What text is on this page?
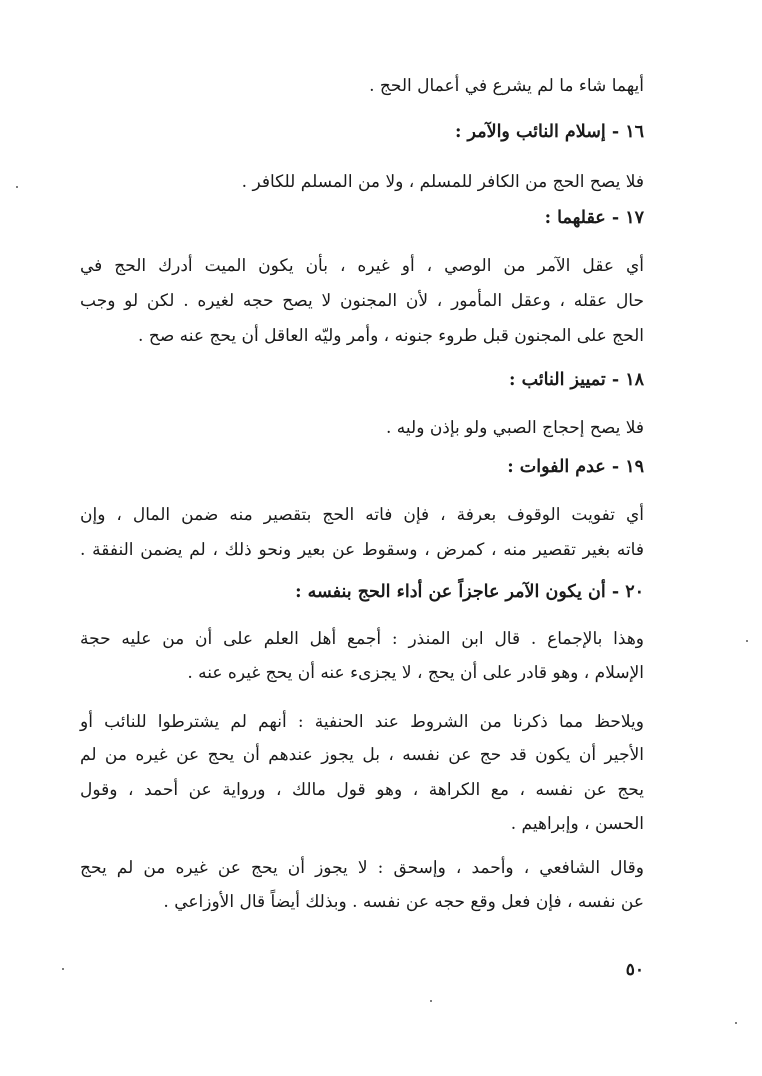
أيهما شاء ما لم يشرع في أعمال الحج .
١٦ - إسلام النائب والآمر :
فلا يصح الحج من الكافر للمسلم ، ولا من المسلم للكافر .
١٧ - عقلهما :
أي عقل الآمر من الوصي ، أو غيره ، بأن يكون الميت أدرك الحج في
حال عقله ، وعقل المأمور ، لأن المجنون لا يصح حجه لغيره . لكن لو وجب
الحج على المجنون قبل طروء جنونه ، وأمر وليّه العاقل أن يحج عنه صح .
١٨ - تمييز النائب :
فلا يصح إحجاج الصبي ولو بإذن وليه .
١٩ - عدم الفوات :
أي تفويت الوقوف بعرفة ، فإن فاته الحج بتقصير منه ضمن المال ، وإن
فاته بغير تقصير منه ، كمرض ، وسقوط عن بعير ونحو ذلك ، لم يضمن النفقة .
٢٠ - أن يكون الآمر عاجزاً عن أداء الحج بنفسه :
وهذا بالإجماع . قال ابن المنذر : أجمع أهل العلم على أن من عليه حجة
الإسلام ، وهو قادر على أن يحج ، لا يجزىء عنه أن يحج غيره عنه .
ويلاحظ مما ذكرنا من الشروط عند الحنفية : أنهم لم يشترطوا للنائب أو
الأجير أن يكون قد حج عن نفسه ، بل يجوز عندهم أن يحج عن غيره من لم
يحج عن نفسه ، مع الكراهة ، وهو قول مالك ، ورواية عن أحمد ، وقول
الحسن ، وإبراهيم .
وقال الشافعي ، وأحمد ، وإسحق : لا يجوز أن يحج عن غيره من لم يحج
عن نفسه ، فإن فعل وقع حجه عن نفسه . وبذلك أيضاً قال الأوزاعي .
٥٠
